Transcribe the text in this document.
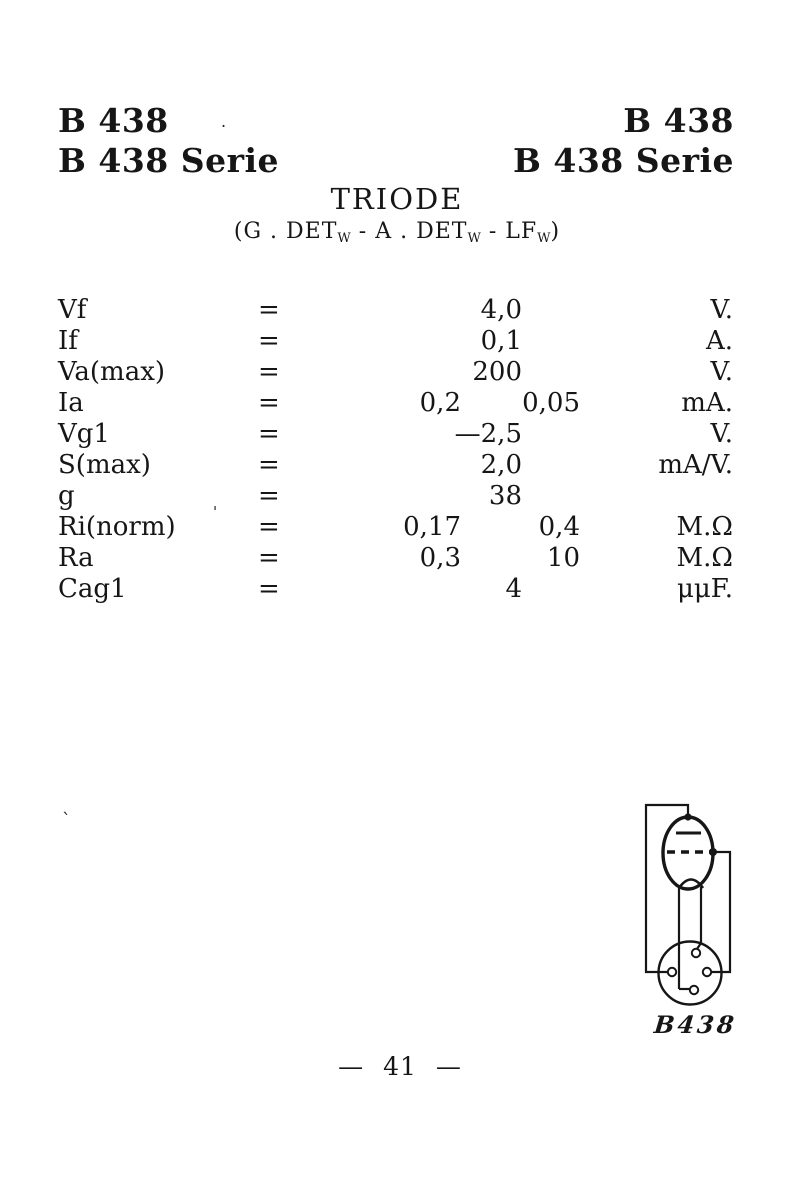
B 438
B 438 Serie
B 438
B 438 Serie
TRIODE
(G . DETW - A . DETW - LFW)
Vf	=	4,0	V.
If	=	0,1	A.
Va(max)	=	200	V.
Ia	=	0,2	0,05	mA.
Vg1	=	—2,5	V.
S(max)	=	2,0	mA/V.
g	=	38
Ri(norm)	=	0,17	0,4	M.Ω
Ra	=	0,3	10	M.Ω
Cag1	=	4	μμF.
B438
— 41 —
`
'
.
